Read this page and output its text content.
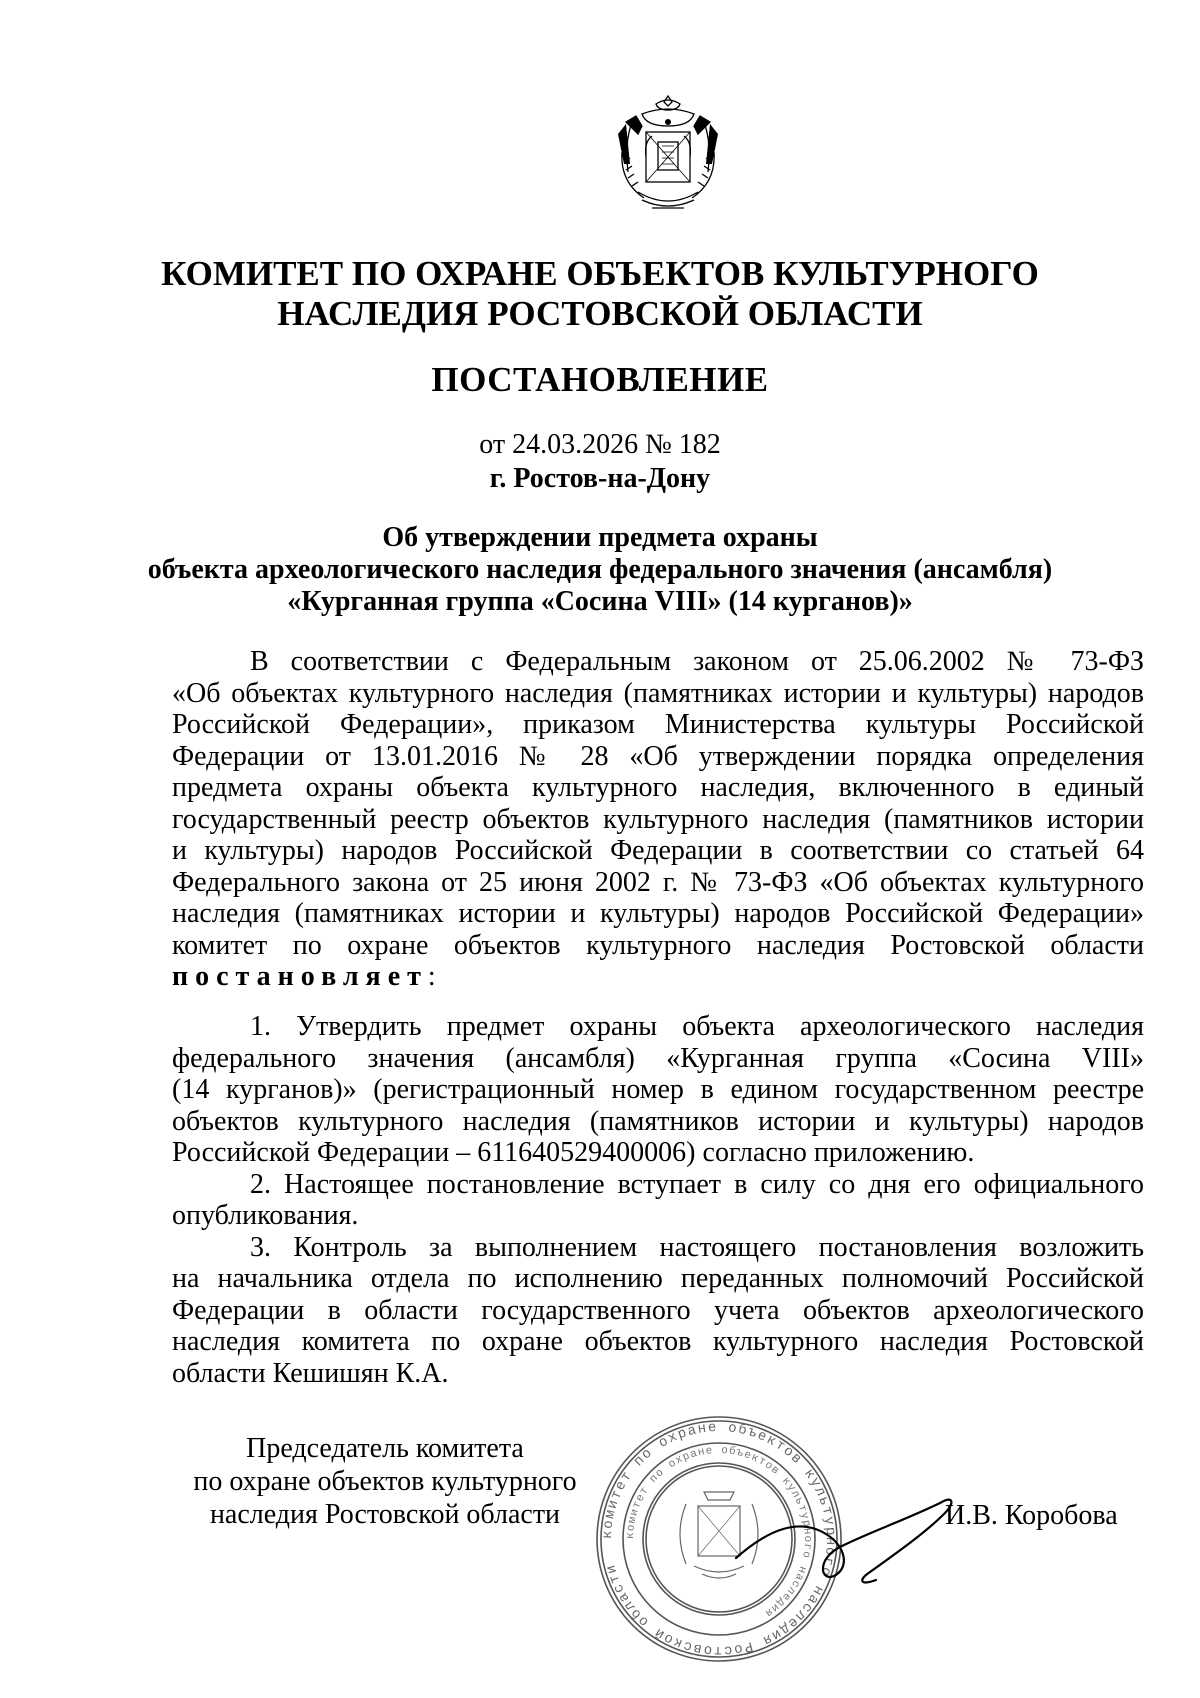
КОМИТЕТ ПО ОХРАНЕ ОБЪЕКТОВ КУЛЬТУРНОГО
НАСЛЕДИЯ РОСТОВСКОЙ ОБЛАСТИ
ПОСТАНОВЛЕНИЕ
от 24.03.2026 № 182
г. Ростов-на-Дону
Об утверждении предмета охраны
объекта археологического наследия федерального значения (ансамбля)
«Курганная группа «Сосина VIII» (14 курганов)»
В соответствии с Федеральным законом от 25.06.2002 № 73-ФЗ
«Об объектах культурного наследия (памятниках истории и культуры) народов
Российской Федерации», приказом Министерства культуры Российской
Федерации от 13.01.2016 № 28 «Об утверждении порядка определения
предмета охраны объекта культурного наследия, включенного в единый
государственный реестр объектов культурного наследия (памятников истории
и культуры) народов Российской Федерации в соответствии со статьей 64
Федерального закона от 25 июня 2002 г. № 73-ФЗ «Об объектах культурного
наследия (памятниках истории и культуры) народов Российской Федерации»
комитет по охране объектов культурного наследия Ростовской области
постановляет:
1. Утвердить предмет охраны объекта археологического наследия
федерального значения (ансамбля) «Курганная группа «Сосина VIII»
(14 курганов)» (регистрационный номер в едином государственном реестре
объектов культурного наследия (памятников истории и культуры) народов
Российской Федерации – 611640529400006) согласно приложению.
2. Настоящее постановление вступает в силу со дня его официального
опубликования.
3. Контроль за выполнением настоящего постановления возложить
на начальника отдела по исполнению переданных полномочий Российской
Федерации в области государственного учета объектов археологического
наследия комитета по охране объектов культурного наследия Ростовской
области Кешишян К.А.
комитет по охране объектов культурного наследия Ростовской области
комитет по охране объектов культурного наследия
Председатель комитета
по охране объектов культурного
наследия Ростовской области	И.В. Коробова
